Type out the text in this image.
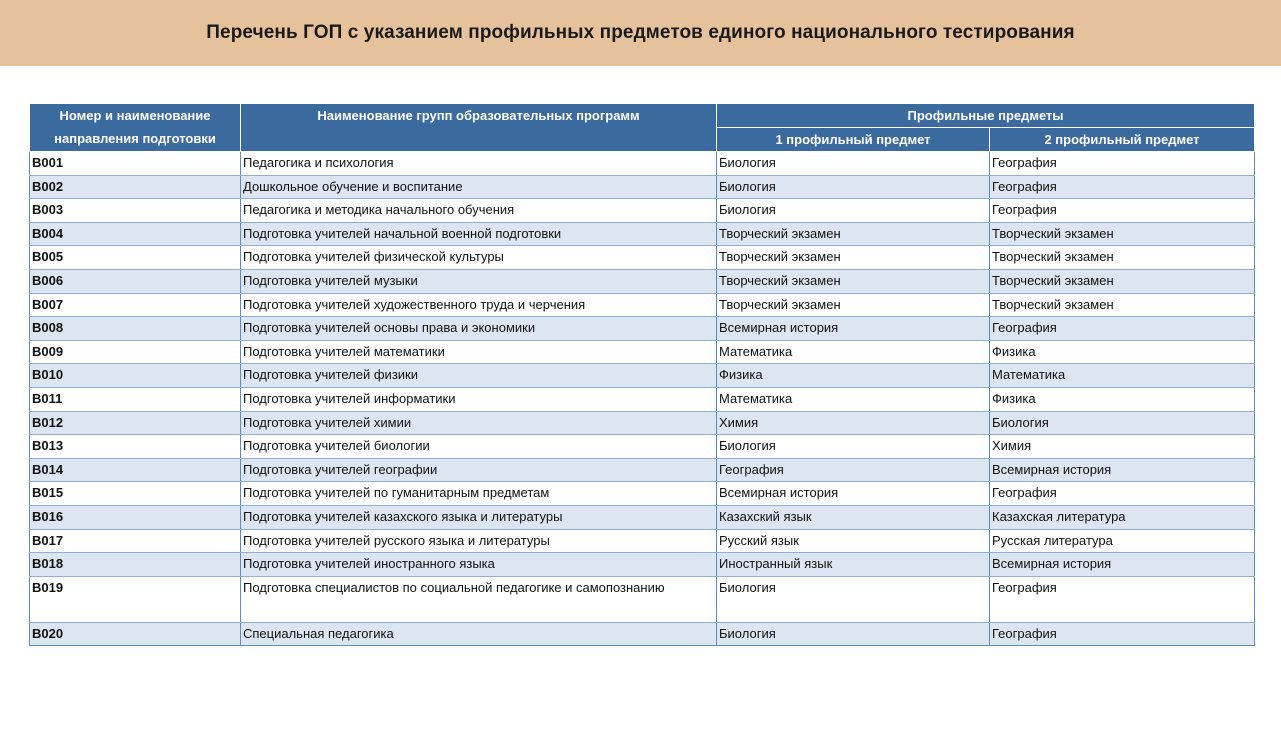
Перечень ГОП с указанием профильных предметов единого национального тестирования
Номер и наименование направления подготовки	Наименование групп образовательных программ	Профильные предметы	
		1 профильный предмет	2 профильный предмет
B001	Педагогика и психология	Биология	География
B002	Дошкольное обучение и воспитание	Биология	География
B003	Педагогика и методика начального обучения	Биология	География
B004	Подготовка учителей начальной военной подготовки	Творческий экзамен	Творческий экзамен
B005	Подготовка учителей физической культуры	Творческий экзамен	Творческий экзамен
B006	Подготовка учителей музыки	Творческий экзамен	Творческий экзамен
B007	Подготовка учителей художественного труда и черчения	Творческий экзамен	Творческий экзамен
B008	Подготовка учителей основы права и экономики	Всемирная история	География
B009	Подготовка учителей математики	Математика	Физика
B010	Подготовка учителей физики	Физика	Математика
B011	Подготовка учителей информатики	Математика	Физика
B012	Подготовка учителей химии	Химия	Биология
B013	Подготовка учителей биологии	Биология	Химия
B014	Подготовка учителей географии	География	Всемирная история
B015	Подготовка учителей по гуманитарным предметам	Всемирная история	География
B016	Подготовка учителей казахского языка и литературы	Казахский язык	Казахская литература
B017	Подготовка учителей русского языка и литературы	Русский язык	Русская литература
B018	Подготовка учителей иностранного языка	Иностранный язык	Всемирная история
B019	Подготовка специалистов по социальной педагогике и самопознанию	Биология	География
B020	Специальная педагогика	Биология	География
